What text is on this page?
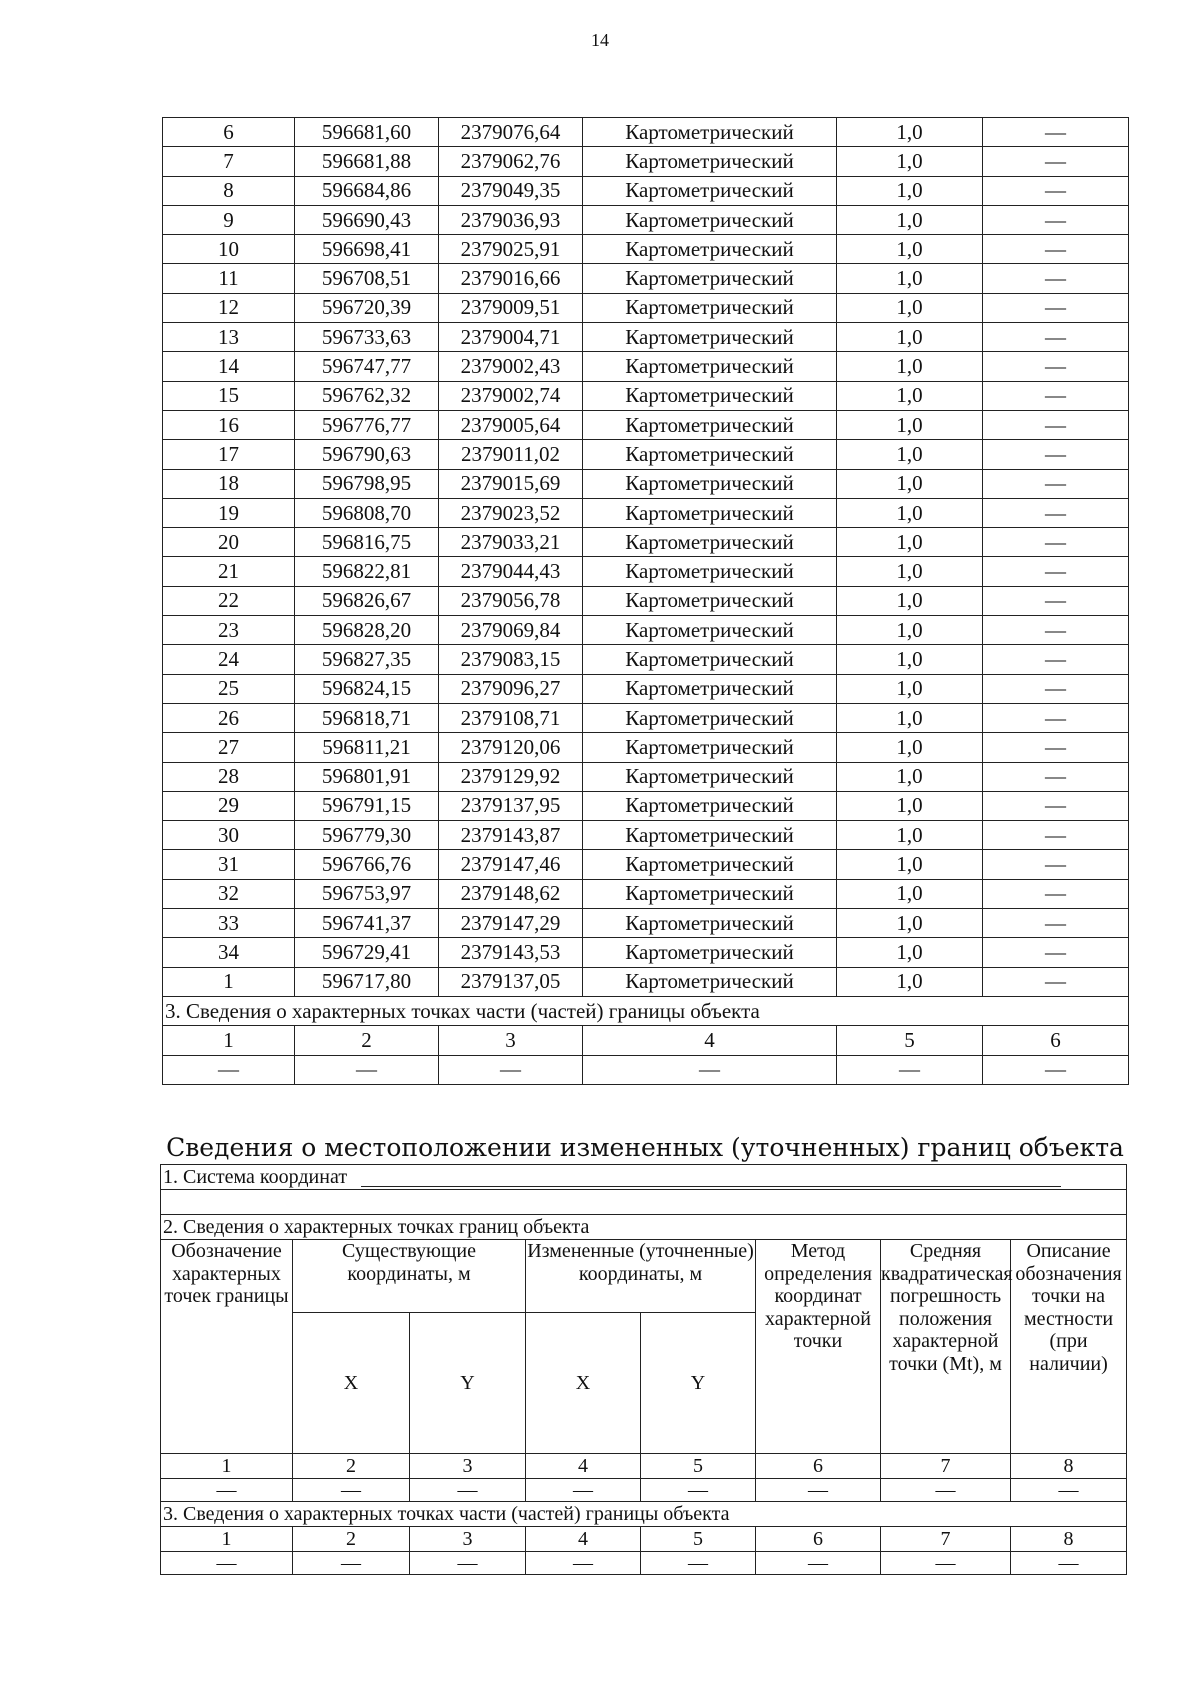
14
6	596681,60	2379076,64	Картометрический	1,0	—
7	596681,88	2379062,76	Картометрический	1,0	—
8	596684,86	2379049,35	Картометрический	1,0	—
9	596690,43	2379036,93	Картометрический	1,0	—
10	596698,41	2379025,91	Картометрический	1,0	—
11	596708,51	2379016,66	Картометрический	1,0	—
12	596720,39	2379009,51	Картометрический	1,0	—
13	596733,63	2379004,71	Картометрический	1,0	—
14	596747,77	2379002,43	Картометрический	1,0	—
15	596762,32	2379002,74	Картометрический	1,0	—
16	596776,77	2379005,64	Картометрический	1,0	—
17	596790,63	2379011,02	Картометрический	1,0	—
18	596798,95	2379015,69	Картометрический	1,0	—
19	596808,70	2379023,52	Картометрический	1,0	—
20	596816,75	2379033,21	Картометрический	1,0	—
21	596822,81	2379044,43	Картометрический	1,0	—
22	596826,67	2379056,78	Картометрический	1,0	—
23	596828,20	2379069,84	Картометрический	1,0	—
24	596827,35	2379083,15	Картометрический	1,0	—
25	596824,15	2379096,27	Картометрический	1,0	—
26	596818,71	2379108,71	Картометрический	1,0	—
27	596811,21	2379120,06	Картометрический	1,0	—
28	596801,91	2379129,92	Картометрический	1,0	—
29	596791,15	2379137,95	Картометрический	1,0	—
30	596779,30	2379143,87	Картометрический	1,0	—
31	596766,76	2379147,46	Картометрический	1,0	—
32	596753,97	2379148,62	Картометрический	1,0	—
33	596741,37	2379147,29	Картометрический	1,0	—
34	596729,41	2379143,53	Картометрический	1,0	—
1	596717,80	2379137,05	Картометрический	1,0	—
3. Сведения о характерных точках части (частей) границы объекта					
1	2	3	4	5	6
—	—	—	—	—	—
Сведения о местоположении измененных (уточненных) границ объекта
1. Система координат							

2. Сведения о характерных точках границ объекта							
Обозначение характерных точек границы	Существующие координаты, м		Измененные (уточненные) координаты, м		Метод определения координат характерной точки	Средняя квадратическая погрешность положения характерной точки (Mt), м	Описание обозначения точки на местности (при наличии)
	X	Y	X	Y			
1	2	3	4	5	6	7	8
—	—	—	—	—	—	—	—
3. Сведения о характерных точках части (частей) границы объекта							
1	2	3	4	5	6	7	8
—	—	—	—	—	—	—	—
